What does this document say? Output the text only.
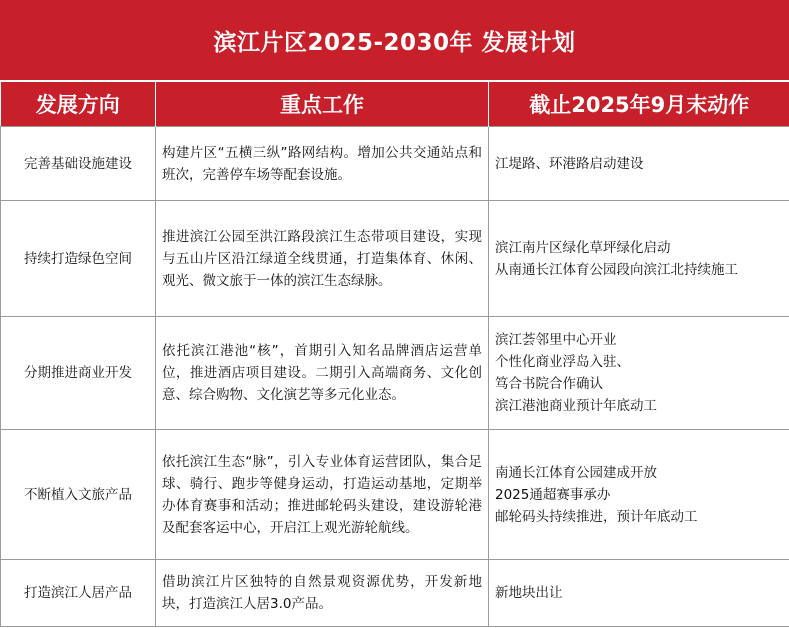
滨江片区2025-2030年 发展计划
发展方向	重点工作	截止2025年9月末动作
完善基础设施建设	构建片区“五横三纵”路网结构。增加公共交通站点和班次，完善停车场等配套设施。	江堤路、环港路启动建设

持续打造绿色空间	推进滨江公园至洪江路段滨江生态带项目建设，实现与五山片区沿江绿道全线贯通，打造集体育、休闲、观光、微文旅于一体的滨江生态绿脉。	滨江南片区绿化草坪绿化启动
从南通长江体育公园段向滨江北持续施工

分期推进商业开发	依托滨江港池“核”，首期引入知名品牌酒店运营单位，推进酒店项目建设。二期引入高端商务、文化创意、综合购物、文化演艺等多元化业态。	滨江荟邻里中心开业
个性化商业浮岛入驻、
笃合书院合作确认
滨江港池商业预计年底动工

不断植入文旅产品	依托滨江生态“脉”，引入专业体育运营团队，集合足球、骑行、跑步等健身运动，打造运动基地，定期举办体育赛事和活动；推进邮轮码头建设，建设游轮港及配套客运中心，开启江上观光游轮航线。	南通长江体育公园建成开放
2025通超赛事承办
邮轮码头持续推进，预计年底动工

打造滨江人居产品	借助滨江片区独特的自然景观资源优势，开发新地块，打造滨江人居3.0产品。	新地块出让
